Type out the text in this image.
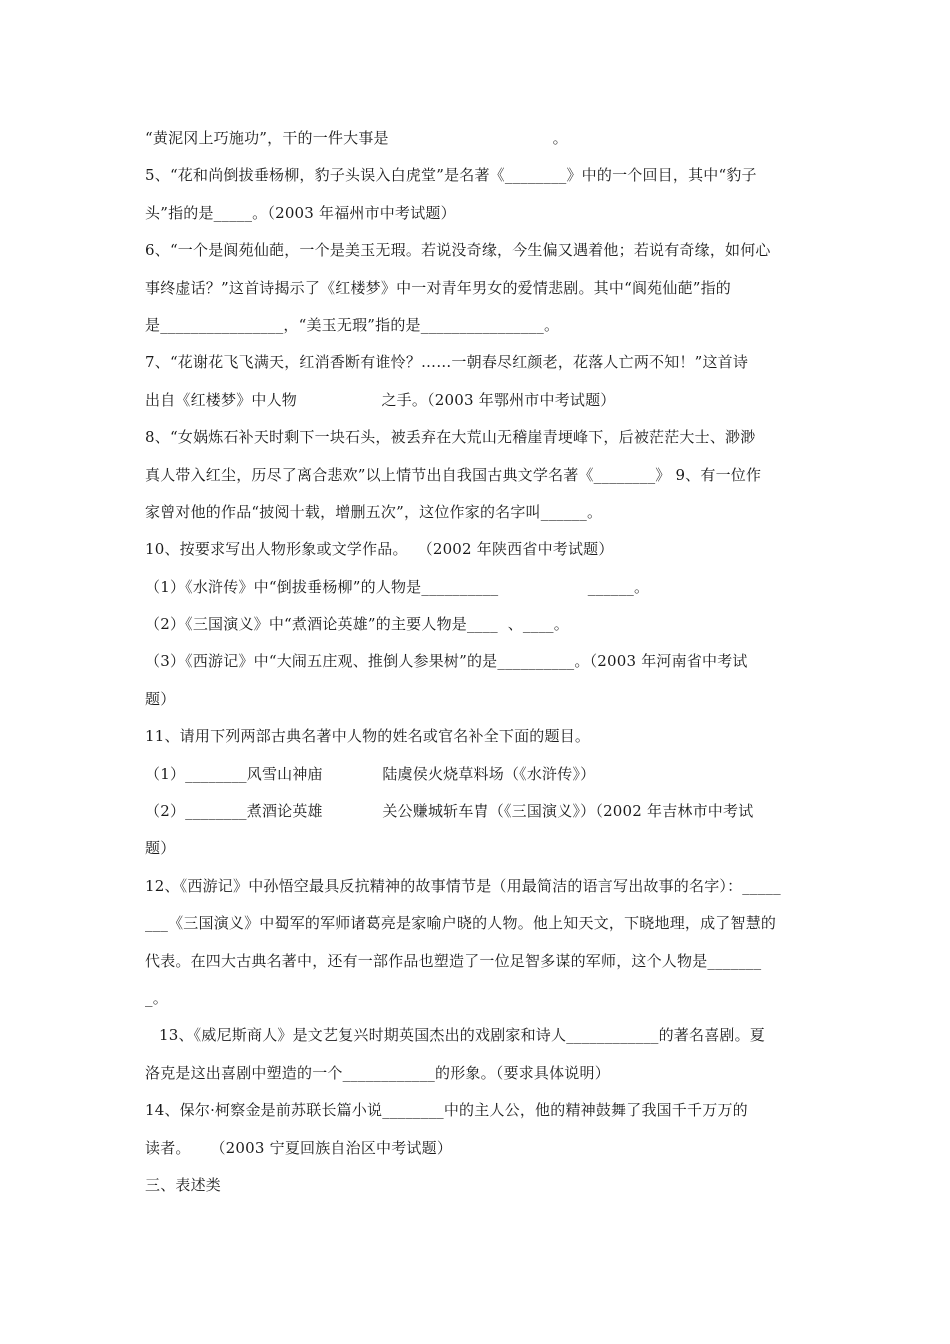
“黄泥冈上巧施功”，干的一件大事是                                 。
5、“花和尚倒拔垂杨柳，豹子头误入白虎堂”是名著《________》中的一个回目，其中“豹子
头”指的是_____。（2003 年福州市中考试题）
6、“一个是阆苑仙葩，一个是美玉无瑕。若说没奇缘，今生偏又遇着他；若说有奇缘，如何心
事终虚话？”这首诗揭示了《红楼梦》中一对青年男女的爱情悲剧。其中“阆苑仙葩”指的
是________________，“美玉无瑕”指的是________________。
7、“花谢花飞飞满天，红消香断有谁怜？……一朝春尽红颜老，花落人亡两不知！”这首诗
出自《红楼梦》中人物                 之手。（2003 年鄂州市中考试题）
8、“女娲炼石补天时剩下一块石头，被丢弃在大荒山无稽崖青埂峰下，后被茫茫大士、渺渺
真人带入红尘，历尽了离合悲欢”以上情节出自我国古典文学名著《________》 9、有一位作
家曾对他的作品“披阅十载，增删五次”，这位作家的名字叫______。
10、按要求写出人物形象或文学作品。  （2002 年陕西省中考试题）
（1）《水浒传》中“倒拔垂杨柳”的人物是__________                  ______。
（2）《三国演义》中“煮酒论英雄”的主要人物是____  、____。
（3）《西游记》中“大闹五庄观、推倒人参果树”的是__________。（2003 年河南省中考试
题）
11、请用下列两部古典名著中人物的姓名或官名补全下面的题目。
（1）________风雪山神庙            陆虞侯火烧草料场（《水浒传》）
（2）________煮酒论英雄            关公赚城斩车胄（《三国演义》）（2002 年吉林市中考试
题）
12、《西游记》中孙悟空最具反抗精神的故事情节是（用最简洁的语言写出故事的名字）：_____
___《三国演义》中蜀军的军师诸葛亮是家喻户晓的人物。他上知天文，下晓地理，成了智慧的
代表。在四大古典名著中，还有一部作品也塑造了一位足智多谋的军师，这个人物是_______
_。
13、《威尼斯商人》是文艺复兴时期英国杰出的戏剧家和诗人____________的著名喜剧。夏
洛克是这出喜剧中塑造的一个____________的形象。（要求具体说明）
14、保尔·柯察金是前苏联长篇小说________中的主人公，他的精神鼓舞了我国千千万万的
读者。    （2003 宁夏回族自治区中考试题）
三、表述类
